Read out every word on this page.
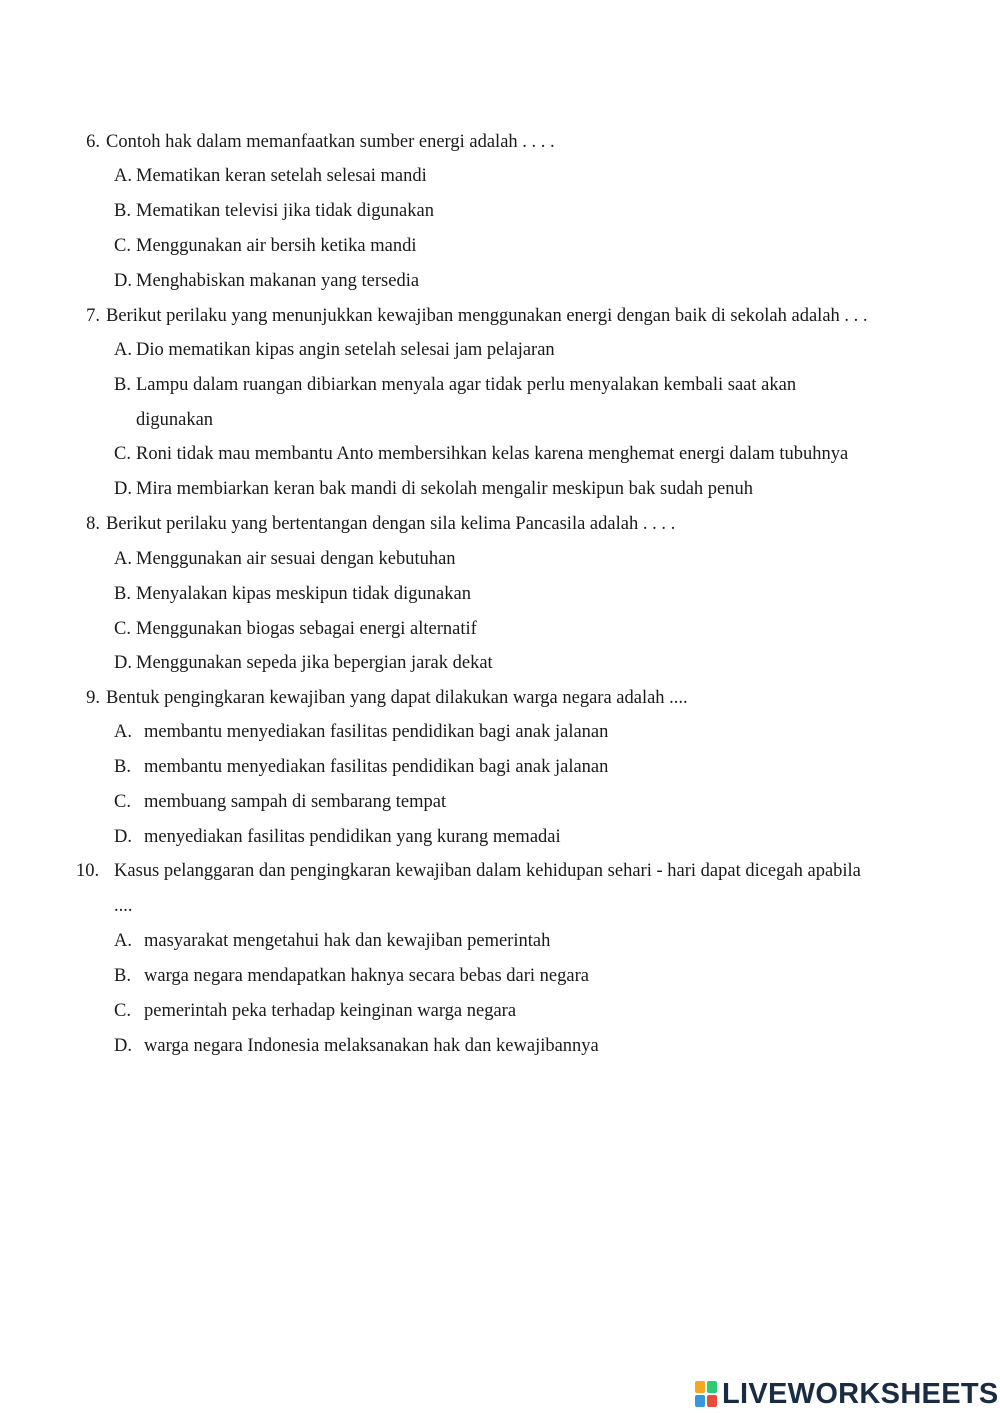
6. Contoh hak dalam memanfaatkan sumber energi adalah . . . .
A. Mematikan keran setelah selesai mandi
B. Mematikan televisi jika tidak digunakan
C. Menggunakan air bersih ketika mandi
D. Menghabiskan makanan yang tersedia
7. Berikut perilaku yang menunjukkan kewajiban menggunakan energi dengan baik di sekolah adalah . . .
A. Dio mematikan kipas angin setelah selesai jam pelajaran
B. Lampu dalam ruangan dibiarkan menyala agar tidak perlu menyalakan kembali saat akan
digunakan
C. Roni tidak mau membantu Anto membersihkan kelas karena menghemat energi dalam tubuhnya
D. Mira membiarkan keran bak mandi di sekolah mengalir meskipun bak sudah penuh
8. Berikut perilaku yang bertentangan dengan sila kelima Pancasila adalah . . . .
A. Menggunakan air sesuai dengan kebutuhan
B. Menyalakan kipas meskipun tidak digunakan
C. Menggunakan biogas sebagai energi alternatif
D. Menggunakan sepeda jika bepergian jarak dekat
9. Bentuk pengingkaran kewajiban yang dapat dilakukan warga negara adalah ....
A. membantu menyediakan fasilitas pendidikan bagi anak jalanan
B. membantu menyediakan fasilitas pendidikan bagi anak jalanan
C. membuang sampah di sembarang tempat
D. menyediakan fasilitas pendidikan yang kurang memadai
10. Kasus pelanggaran dan pengingkaran kewajiban dalam kehidupan sehari - hari dapat dicegah apabila
....
A. masyarakat mengetahui hak dan kewajiban pemerintah
B. warga negara mendapatkan haknya secara bebas dari negara
C. pemerintah peka terhadap keinginan warga negara
D. warga negara Indonesia melaksanakan hak dan kewajibannya
LIVEWORKSHEETS
